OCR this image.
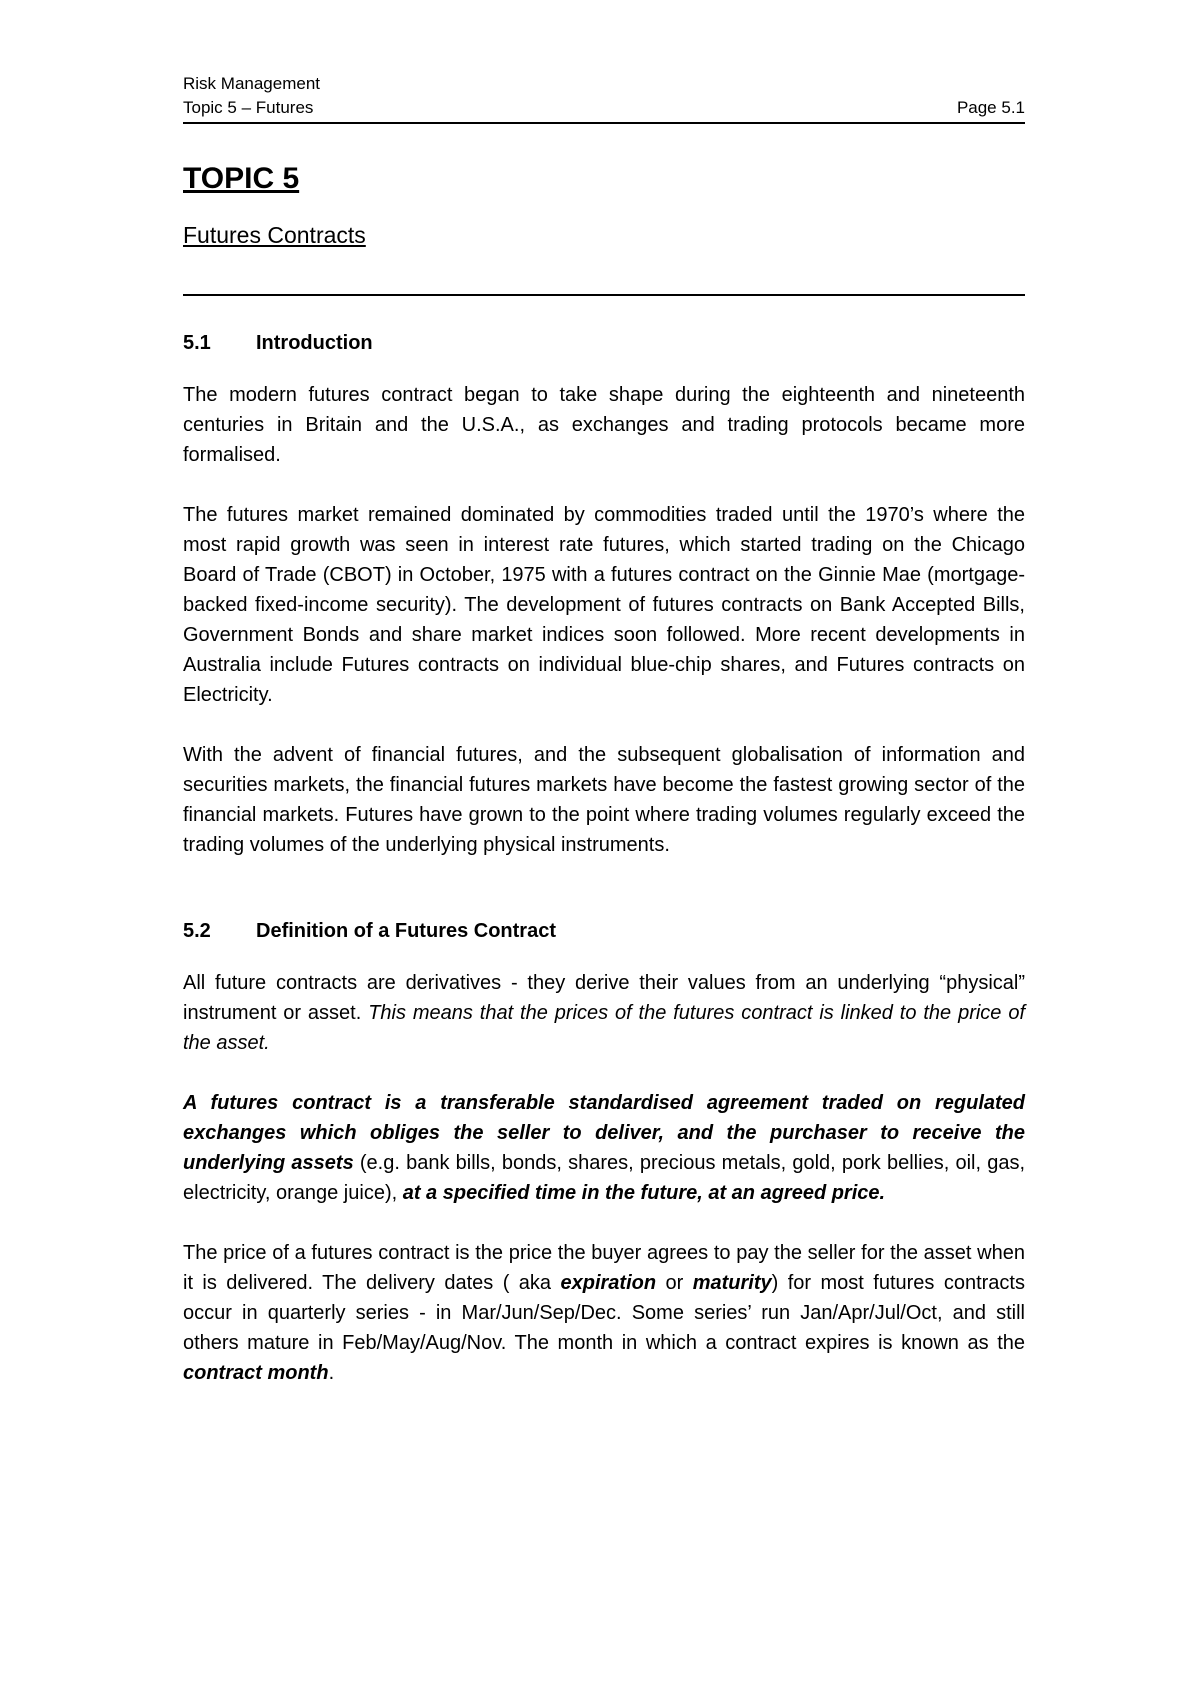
Risk Management
Topic 5 – Futures	Page 5.1
TOPIC 5
Futures Contracts
5.1	Introduction

The modern futures contract began to take shape during the eighteenth and nineteenth centuries in Britain and the U.S.A., as exchanges and trading protocols became more formalised.

The futures market remained dominated by commodities traded until the 1970’s where the most rapid growth was seen in interest rate futures, which started trading on the Chicago Board of Trade (CBOT) in October, 1975 with a futures contract on the Ginnie Mae (mortgage-backed fixed-income security). The development of futures contracts on Bank Accepted Bills, Government Bonds and share market indices soon followed. More recent developments in Australia include Futures contracts on individual blue-chip shares, and Futures contracts on Electricity.

With the advent of financial futures, and the subsequent globalisation of information and securities markets, the financial futures markets have become the fastest growing sector of the financial markets. Futures have grown to the point where trading volumes regularly exceed the trading volumes of the underlying physical instruments.

5.2	Definition of a Futures Contract

All future contracts are derivatives - they derive their values from an underlying “physical” instrument or asset. This means that the prices of the futures contract is linked to the price of the asset.

A futures contract is a transferable standardised agreement traded on regulated exchanges which obliges the seller to deliver, and the purchaser to receive the underlying assets (e.g. bank bills, bonds, shares, precious metals, gold, pork bellies, oil, gas, electricity, orange juice), at a specified time in the future, at an agreed price.

The price of a futures contract is the price the buyer agrees to pay the seller for the asset when it is delivered. The delivery dates ( aka expiration or maturity) for most futures contracts occur in quarterly series - in Mar/Jun/Sep/Dec. Some series’ run Jan/Apr/Jul/Oct, and still others mature in Feb/May/Aug/Nov. The month in which a contract expires is known as the contract month.
